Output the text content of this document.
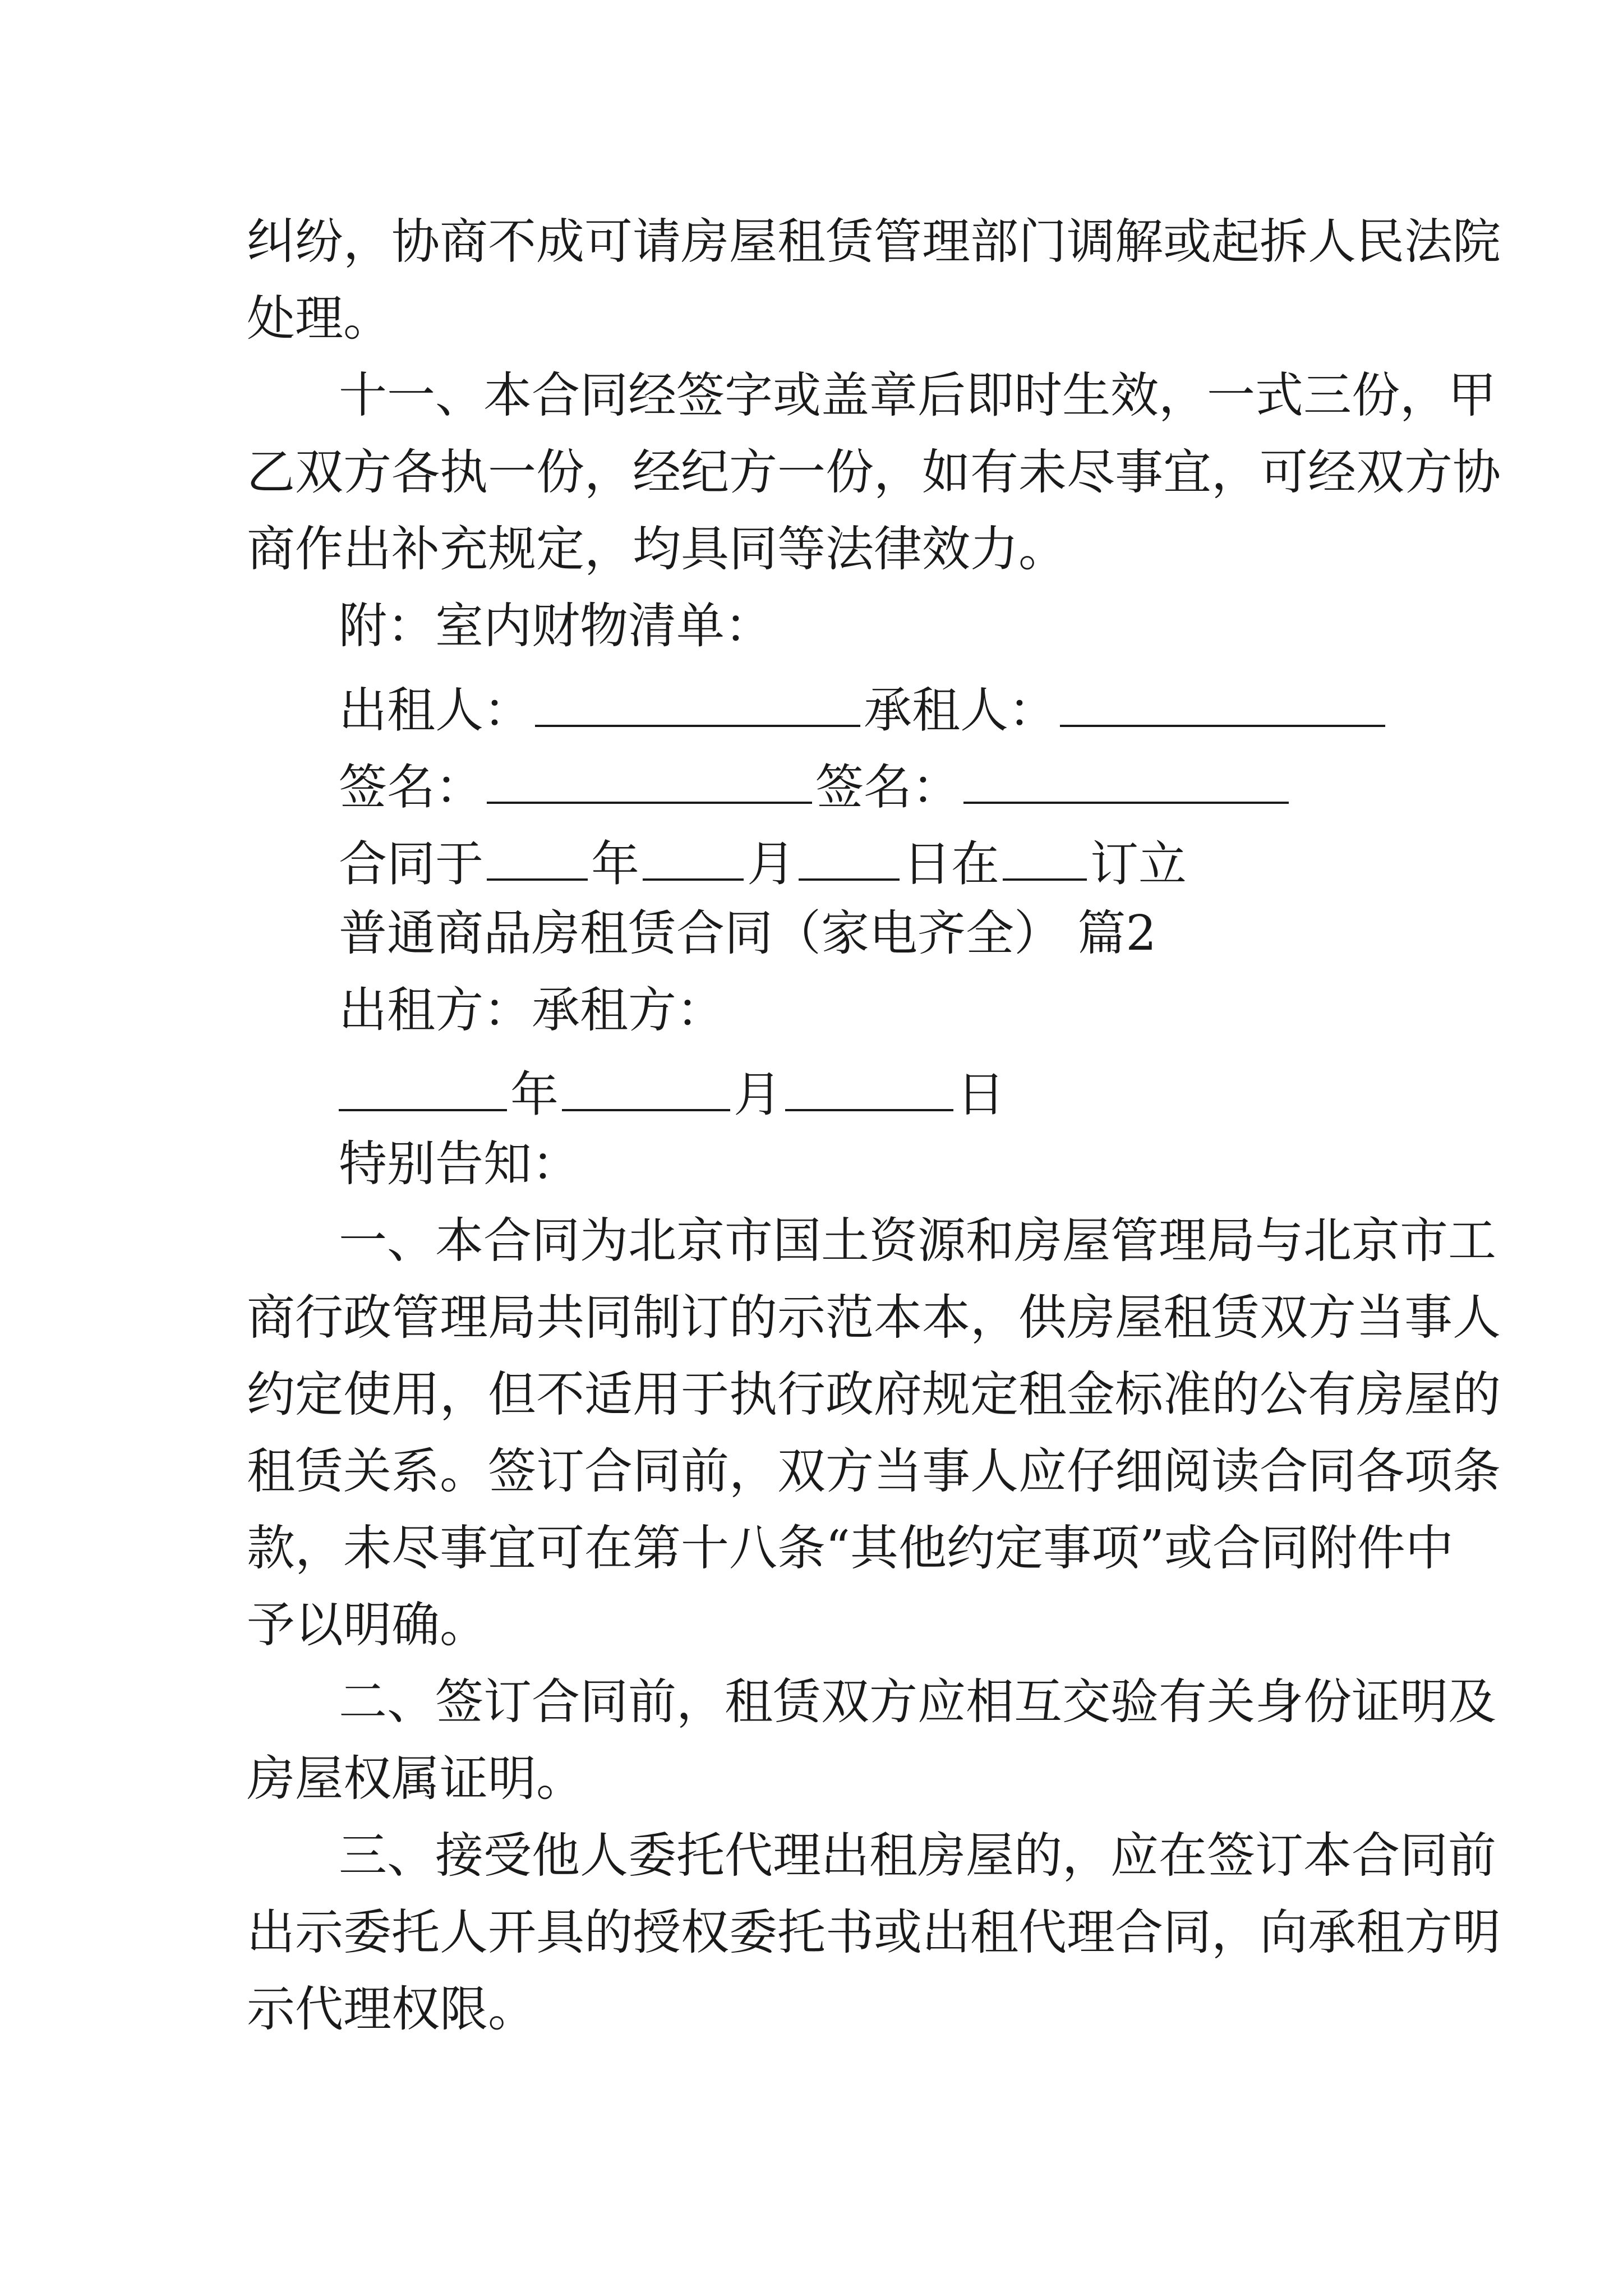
纠纷，协商不成可请房屋租赁管理部门调解或起拆人民法院
处理。
十一、本合同经签字或盖章后即时生效，一式三份，甲
乙双方各执一份，经纪方一份，如有未尽事宜，可经双方协
商作出补充规定，均具同等法律效力。
附：室内财物清单：
出租人：	承租人：
签名：	签名：
合同于 年 月 日在 订立
普通商品房租赁合同（家电齐全） 篇2
出租方：承租方：
年	月	日
特别告知：
一、本合同为北京市国土资源和房屋管理局与北京市工
商行政管理局共同制订的示范本本，供房屋租赁双方当事人
约定使用，但不适用于执行政府规定租金标准的公有房屋的
租赁关系。签订合同前，双方当事人应仔细阅读合同各项条
款，未尽事宜可在第十八条“其他约定事项”或合同附件中
予以明确。
二、签订合同前，租赁双方应相互交验有关身份证明及
房屋权属证明。
三、接受他人委托代理出租房屋的，应在签订本合同前
出示委托人开具的授权委托书或出租代理合同，向承租方明
示代理权限。
